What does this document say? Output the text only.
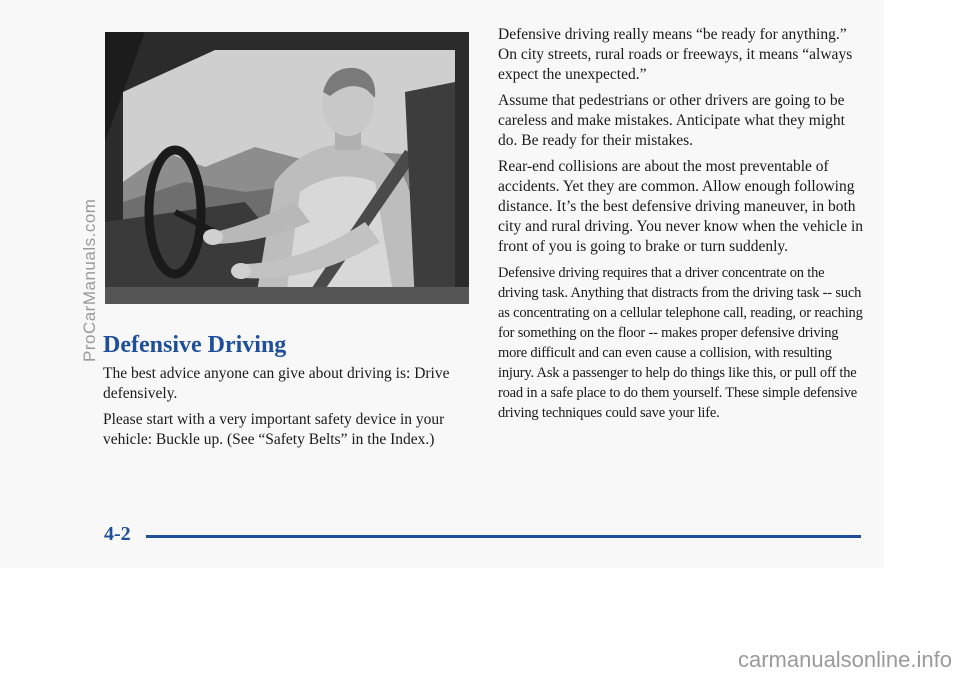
ProCarManuals.com Defensive Driving

The best advice anyone can give about driving is: Drive defensively.

Please start with a very important safety device in your vehicle: Buckle up. (See “Safety Belts” in the Index.)

Defensive driving really means “be ready for anything.” On city streets, rural roads or freeways, it means “always expect the unexpected.”

Assume that pedestrians or other drivers are going to be careless and make mistakes. Anticipate what they might do. Be ready for their mistakes.

Rear-end collisions are about the most preventable of accidents. Yet they are common. Allow enough following distance. It’s the best defensive driving maneuver, in both city and rural driving. You never know when the vehicle in front of you is going to brake or turn suddenly.

Defensive driving requires that a driver concentrate on the driving task. Anything that distracts from the driving task -- such as concentrating on a cellular telephone call, reading, or reaching for something on the floor -- makes proper defensive driving more difficult and can even cause a collision, with resulting injury. Ask a passenger to help do things like this, or pull off the road in a safe place to do them yourself. These simple defensive driving techniques could save your life.

4-2
carmanualsonline.info
